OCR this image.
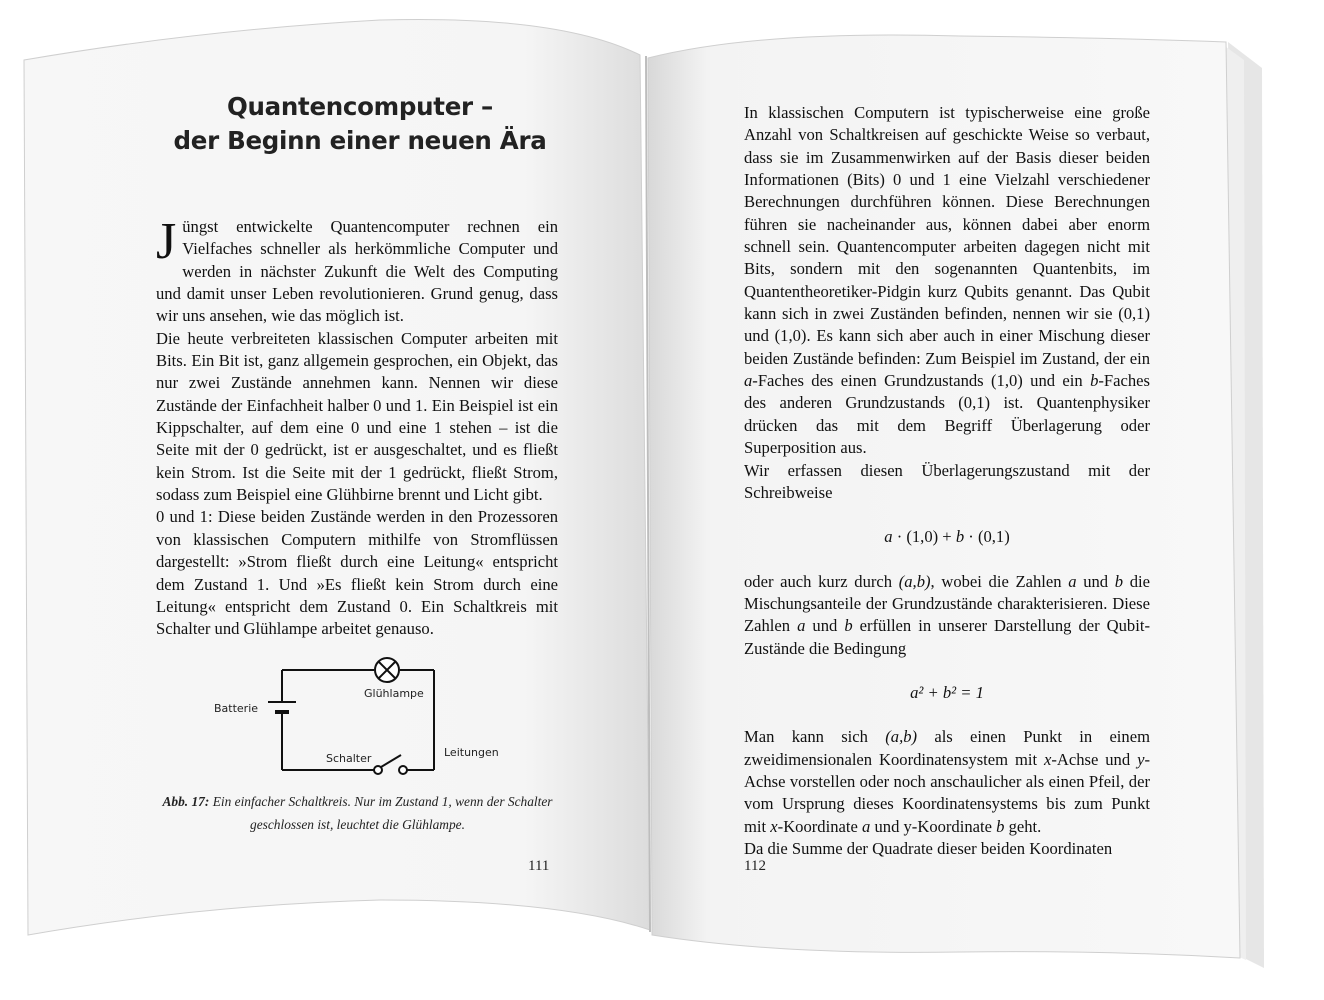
Quantencomputer –
der Beginn einer neuen Ära

Jüngst entwickelte Quantencomputer rechnen ein Vielfaches schneller als herkömmliche Computer und werden in nächster Zukunft die Welt des Computing und damit unser Leben revolutionieren. Grund genug, dass wir uns ansehen, wie das möglich ist.

Die heute verbreiteten klassischen Computer arbeiten mit Bits. Ein Bit ist, ganz allgemein gesprochen, ein Objekt, das nur zwei Zustände annehmen kann. Nennen wir diese Zustände der Einfachheit halber 0 und 1. Ein Beispiel ist ein Kippschalter, auf dem eine 0 und eine 1 stehen – ist die Seite mit der 0 gedrückt, ist er ausgeschaltet, und es fließt kein Strom. Ist die Seite mit der 1 gedrückt, fließt Strom, sodass zum Beispiel eine Glühbirne brennt und Licht gibt.

0 und 1: Diese beiden Zustände werden in den Prozessoren von klassischen Computern mithilfe von Stromflüssen dargestellt: »Strom fließt durch eine Leitung« entspricht dem Zustand 1. Und »Es fließt kein Strom durch eine Leitung« entspricht dem Zustand 0. Ein Schaltkreis mit Schalter und Glühlampe arbeitet genauso.

Batterie
Glühlampe
Schalter	Leitungen
Abb. 17: Ein einfacher Schaltkreis. Nur im Zustand 1, wenn der Schalter geschlossen ist, leuchtet die Glühlampe.
111

In klassischen Computern ist typischerweise eine große Anzahl von Schaltkreisen auf geschickte Weise so verbaut, dass sie im Zusammenwirken auf der Basis dieser beiden Informationen (Bits) 0 und 1 eine Vielzahl verschiedener Berechnungen durchführen können. Diese Berechnungen führen sie nacheinander aus, können dabei aber enorm schnell sein. Quantencomputer arbeiten dagegen nicht mit Bits, sondern mit den sogenannten Quantenbits, im Quantentheoretiker-Pidgin kurz Qubits genannt. Das Qubit kann sich in zwei Zuständen befinden, nennen wir sie (0,1) und (1,0). Es kann sich aber auch in einer Mischung dieser beiden Zustände befinden: Zum Beispiel im Zustand, der ein a-Faches des einen Grundzustands (1,0) und ein b-Faches des anderen Grundzustands (0,1) ist. Quantenphysiker drücken das mit dem Begriff Überlagerung oder Superposition aus.

Wir erfassen diesen Überlagerungszustand mit der Schreibweise

a · (1,0) + b · (0,1)

oder auch kurz durch (a,b), wobei die Zahlen a und b die Mischungsanteile der Grundzustände charakterisieren. Diese Zahlen a und b erfüllen in unserer Darstellung der Qubit-Zustände die Bedingung

a² + b² = 1

Man kann sich (a,b) als einen Punkt in einem zweidimensionalen Koordinatensystem mit x-Achse und y-Achse vorstellen oder noch anschaulicher als einen Pfeil, der vom Ursprung dieses Koordinatensystems bis zum Punkt mit x-Koordinate a und y-Koordinate b geht.

Da die Summe der Quadrate dieser beiden Koordinaten

112
